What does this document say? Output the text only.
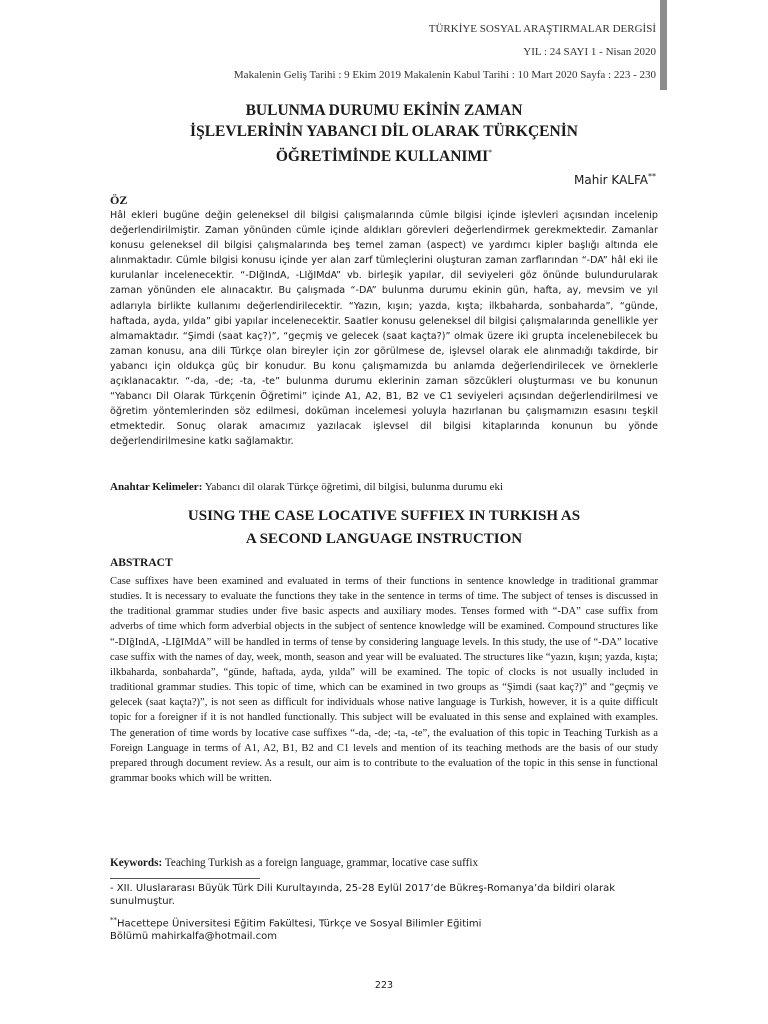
TÜRKİYE SOSYAL ARAŞTIRMALAR DERGİSİ
YIL : 24 SAYI 1 - Nisan 2020
Makalenin Geliş Tarihi : 9 Ekim 2019 Makalenin Kabul Tarihi : 10 Mart 2020 Sayfa : 223 - 230
BULUNMA DURUMU EKİNİN ZAMAN
İŞLEVLERİNİN YABANCI DİL OLARAK TÜRKÇENİN
ÖĞRETİMİNDE KULLANIMI*
Mahir KALFA**
ÖZ
Hâl ekleri bugüne değin geleneksel dil bilgisi çalışmalarında cümle bilgisi içinde işlevleri açısından incelenip değerlendirilmiştir. Zaman yönünden cümle içinde aldıkları görevleri değerlendirmek gerekmektedir. Zamanlar konusu geleneksel dil bilgisi çalışmalarında beş temel zaman (aspect) ve yardımcı kipler başlığı altında ele alınmaktadır. Cümle bilgisi konusu içinde yer alan zarf tümleçlerini oluşturan zaman zarflarından “-DA” hâl eki ile kurulanlar incelenecektir. “-DIğIndA, -LIğIMdA” vb. birleşik yapılar, dil seviyeleri göz önünde bulundurularak zaman yönünden ele alınacaktır. Bu çalışmada “-DA” bulunma durumu ekinin gün, hafta, ay, mevsim ve yıl adlarıyla birlikte kullanımı değerlendirilecektir. “Yazın, kışın; yazda, kışta; ilkbaharda, sonbaharda”, “günde, haftada, ayda, yılda” gibi yapılar incelenecektir. Saatler konusu geleneksel dil bilgisi çalışmalarında genellikle yer almamaktadır. “Şimdi (saat kaç?)”, “geçmiş ve gelecek (saat kaçta?)” olmak üzere iki grupta incelenebilecek bu zaman konusu, ana dili Türkçe olan bireyler için zor görülmese de, işlevsel olarak ele alınmadığı takdirde, bir yabancı için oldukça güç bir konudur. Bu konu çalışmamızda bu anlamda değerlendirilecek ve örneklerle açıklanacaktır. “-da, -de; -ta, -te” bulunma durumu eklerinin zaman sözcükleri oluşturması ve bu konunun “Yabancı Dil Olarak Türkçenin Öğretimi” içinde A1, A2, B1, B2 ve C1 seviyeleri açısından değerlendirilmesi ve öğretim yöntemlerinden söz edilmesi, doküman incelemesi yoluyla hazırlanan bu çalışmamızın esasını teşkil etmektedir. Sonuç olarak amacımız yazılacak işlevsel dil bilgisi kitaplarında konunun bu yönde değerlendirilmesine katkı sağlamaktır.
Anahtar Kelimeler: Yabancı dil olarak Türkçe öğretimi, dil bilgisi, bulunma durumu eki
USING THE CASE LOCATIVE SUFFIEX IN TURKISH AS
A SECOND LANGUAGE INSTRUCTION
ABSTRACT
Case suffixes have been examined and evaluated in terms of their functions in sentence knowledge in traditional grammar studies. It is necessary to evaluate the functions they take in the sentence in terms of time. The subject of tenses is discussed in the traditional grammar studies under five basic aspects and auxiliary modes. Tenses formed with “-DA” case suffix from adverbs of time which form adverbial objects in the subject of sentence knowledge will be examined. Compound structures like “-DIğIndA, -LIğIMdA” will be handled in terms of tense by considering language levels. In this study, the use of “-DA” locative case suffix with the names of day, week, month, season and year will be evaluated. The structures like “yazın, kışın; yazda, kışta; ilkbaharda, sonbaharda”, “günde, haftada, ayda, yılda” will be examined. The topic of clocks is not usually included in traditional grammar studies. This topic of time, which can be examined in two groups as “Şimdi (saat kaç?)” and “geçmiş ve gelecek (saat kaçta?)”, is not seen as difficult for individuals whose native language is Turkish, however, it is a quite difficult topic for a foreigner if it is not handled functionally. This subject will be evaluated in this sense and explained with examples. The generation of time words by locative case suffixes “-da, -de; -ta, -te”, the evaluation of this topic in Teaching Turkish as a Foreign Language in terms of A1, A2, B1, B2 and C1 levels and mention of its teaching methods are the basis of our study prepared through document review. As a result, our aim is to contribute to the evaluation of the topic in this sense in functional grammar books which will be written.
Keywords: Teaching Turkish as a foreign language, grammar, locative case suffix

- XII. Uluslararası Büyük Türk Dili Kurultayında, 25-28 Eylül 2017’de Bükreş-Romanya’da bildiri olarak sunulmuştur.

**Hacettepe Üniversitesi Eğitim Fakültesi, Türkçe ve Sosyal Bilimler Eğitimi
Bölümü mahirkalfa@hotmail.com

223
